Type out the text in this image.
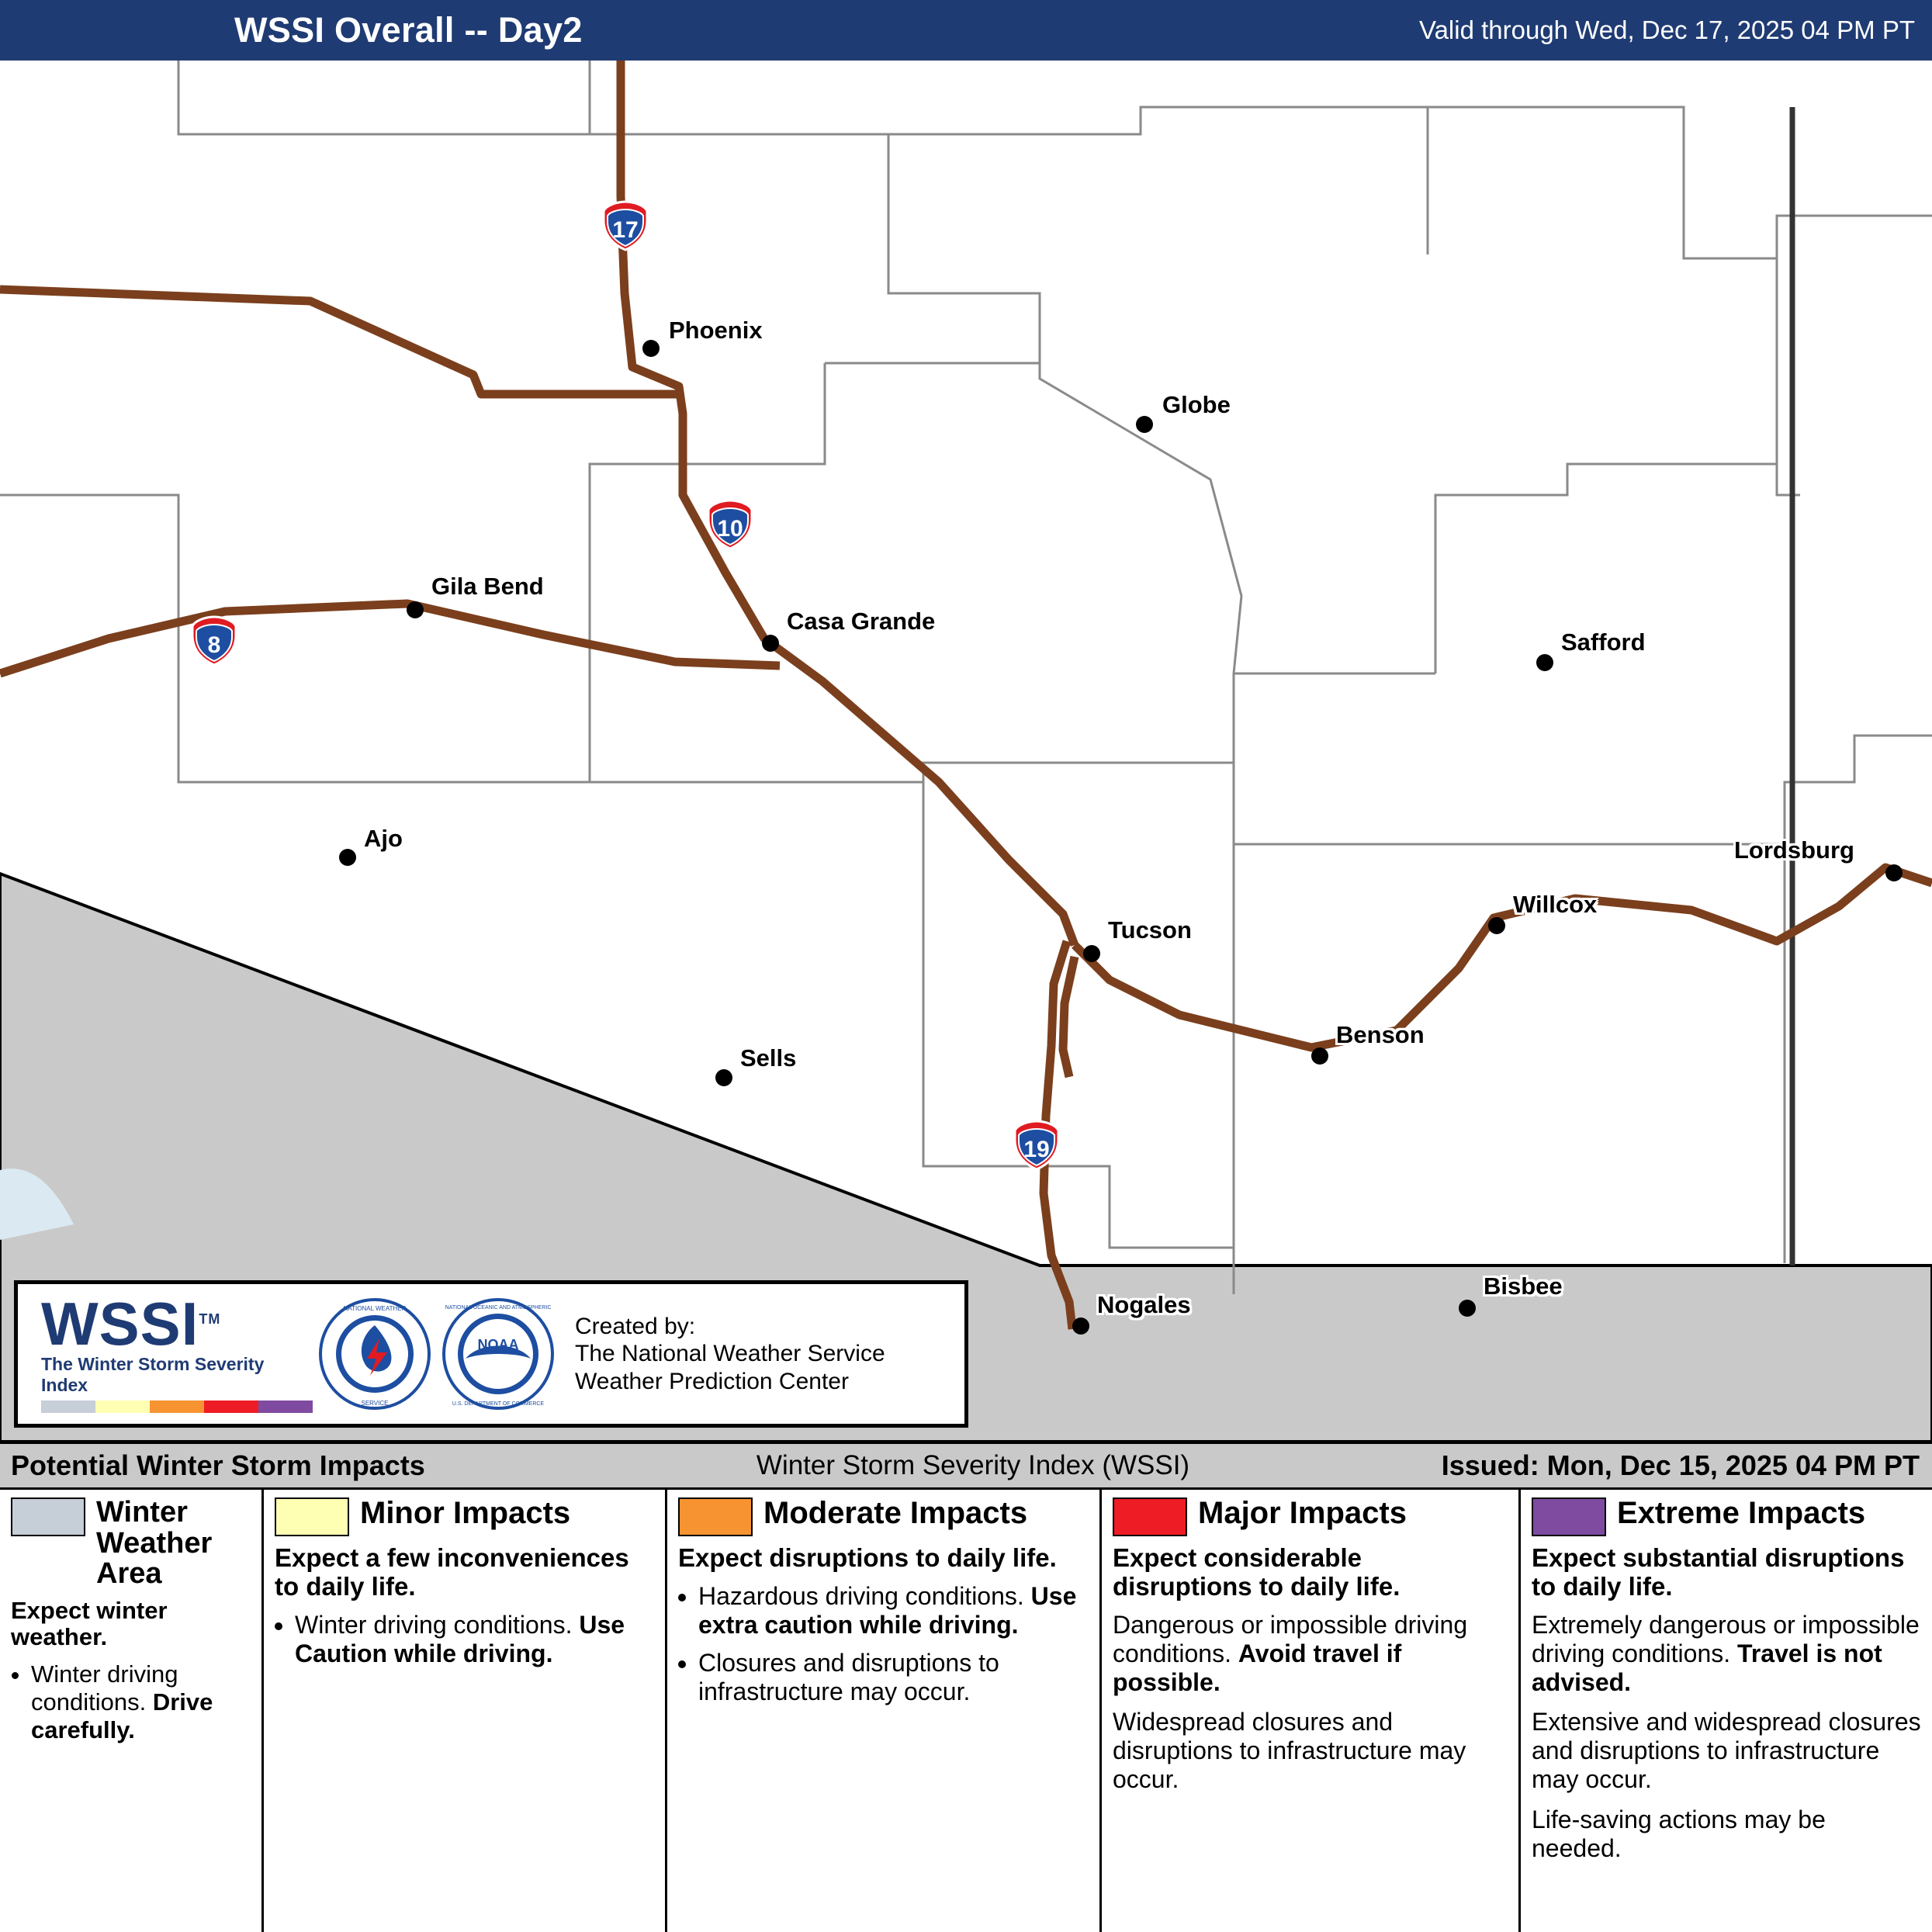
WSSI Overall -- Day2	Valid through Wed, Dec 17, 2025 04 PM PT
17
10
8
19
Phoenix
Globe
Gila Bend
Casa Grande
Safford
Ajo	Lordsburg
Willcox
Tucson
Benson
Sells
Bisbee
Nogales
WSSI™
The Winter Storm Severity Index
NATIONAL WEATHER
SERVICE
NOAA
NATIONAL OCEANIC AND ATMOSPHERIC
U.S. DEPARTMENT OF COMMERCE
Created by:
The National Weather Service
Weather Prediction Center
Potential Winter Storm Impacts	Winter Storm Severity Index (WSSI)	Issued: Mon, Dec 15, 2025 04 PM PT
Winter Weather Area
Expect winter weather.
• Winter driving conditions. Drive carefully.
Minor Impacts
Expect a few inconveniences to daily life.
• Winter driving conditions. Use Caution while driving.
Moderate Impacts
Expect disruptions to daily life.
• Hazardous driving conditions. Use extra caution while driving.
• Closures and disruptions to infrastructure may occur.
Major Impacts
Expect considerable disruptions to daily life.

Dangerous or impossible driving conditions. Avoid travel if possible.

Widespread closures and disruptions to infrastructure may occur.

Extreme Impacts
Expect substantial disruptions to daily life.

Extremely dangerous or impossible driving conditions. Travel is not advised.

Extensive and widespread closures and disruptions to infrastructure may occur.

Life-saving actions may be needed.
